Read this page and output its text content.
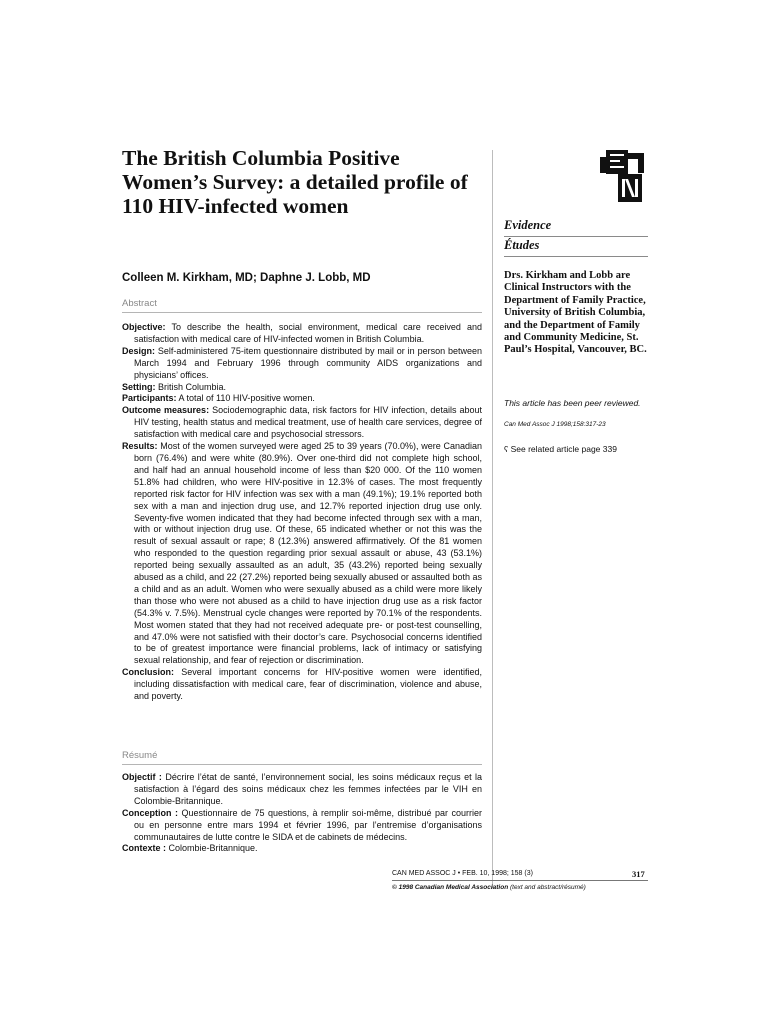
The British Columbia Positive Women’s Survey: a detailed profile of 110 HIV-infected women
Evidence
Études
Colleen M. Kirkham, MD; Daphne J. Lobb, MD
Abstract

Objective: To describe the health, social environment, medical care received and satisfaction with medical care of HIV-infected women in British Columbia.

Design: Self-administered 75-item questionnaire distributed by mail or in person between March 1994 and February 1996 through community AIDS organizations and physicians’ offices.

Setting: British Columbia.

Participants: A total of 110 HIV-positive women.

Outcome measures: Sociodemographic data, risk factors for HIV infection, details about HIV testing, health status and medical treatment, use of health care services, degree of satisfaction with medical care and psychosocial stressors.

Results: Most of the women surveyed were aged 25 to 39 years (70.0%), were Canadian born (76.4%) and were white (80.9%). Over one-third did not complete high school, and half had an annual household income of less than $20 000. Of the 110 women 51.8% had children, who were HIV-positive in 12.3% of cases. The most frequently reported risk factor for HIV infection was sex with a man (49.1%); 19.1% reported both sex with a man and injection drug use, and 12.7% reported injection drug use only. Seventy-five women indicated that they had become infected through sex with a man, with or without injection drug use. Of these, 65 indicated whether or not this was the result of sexual assault or rape; 8 (12.3%) answered affirmatively. Of the 81 women who responded to the question regarding prior sexual assault or abuse, 43 (53.1%) reported being sexually assaulted as an adult, 35 (43.2%) reported being sexually abused as a child, and 22 (27.2%) reported being sexually abused or assaulted both as a child and as an adult. Women who were sexually abused as a child were more likely than those who were not abused as a child to have injection drug use as a risk factor (54.3% v. 7.5%). Menstrual cycle changes were reported by 70.1% of the respondents. Most women stated that they had not received adequate pre- or post-test counselling, and 47.0% were not satisfied with their doctor’s care. Psychosocial concerns identified to be of greatest importance were financial problems, lack of intimacy or satisfying sexual relationship, and fear of rejection or discrimination.

Conclusion: Several important concerns for HIV-positive women were identified, including dissatisfaction with medical care, fear of discrimination, violence and abuse, and poverty.

Résumé

Objectif : Décrire l’état de santé, l’environnement social, les soins médicaux reçus et la satisfaction à l’égard des soins médicaux chez les femmes infectées par le VIH en Colombie-Britannique.

Conception : Questionnaire de 75 questions, à remplir soi-même, distribué par courrier ou en personne entre mars 1994 et février 1996, par l’entremise d’organisations communautaires de lutte contre le SIDA et de cabinets de médecins.

Contexte : Colombie-Britannique.

Drs. Kirkham and Lobb are Clinical Instructors with the Department of Family Practice, University of British Columbia, and the Department of Family and Community Medicine, St. Paul’s Hospital, Vancouver, BC.

This article has been peer reviewed.
Can Med Assoc J 1998;158:317-23
ʕ See related article page 339
CAN MED ASSOC J • FEB. 10, 1998; 158 (3)	317
© 1998 Canadian Medical Association (text and abstract/résumé)
